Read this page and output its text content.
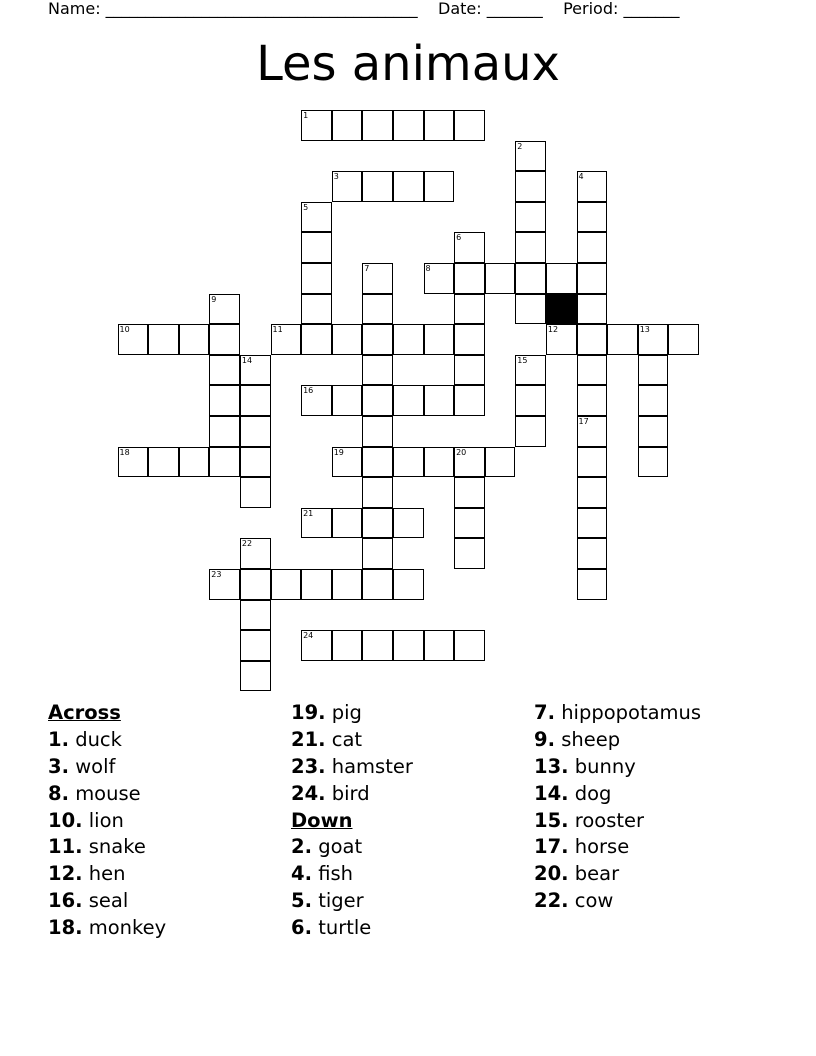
Name: _______________________________________    Date: _______    Period: _______
Les animaux
1
2
3	4
5
6
7	8
9
10	11	12	13
14	15
16
17
18	19	20
21
22
23
24
Across
1. duck
3. wolf
8. mouse
10. lion
11. snake
12. hen
16. seal
18. monkey
19. pig
21. cat
23. hamster
24. bird
Down
2. goat
4. fish
5. tiger
6. turtle
7. hippopotamus
9. sheep
13. bunny
14. dog
15. rooster
17. horse
20. bear
22. cow
